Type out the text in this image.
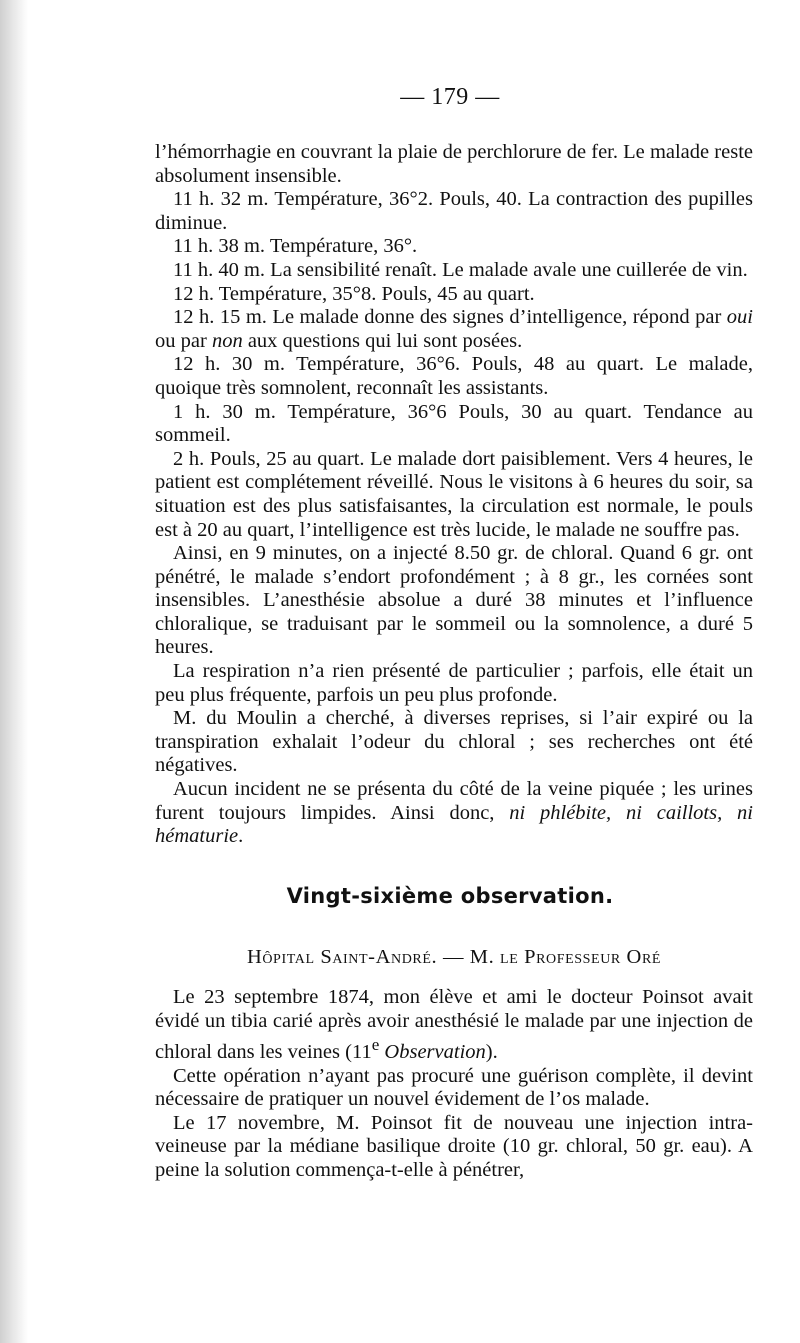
— 179 —

l’hémorrhagie en couvrant la plaie de perchlorure de fer. Le malade reste absolument insensible.

11 h. 32 m. Température, 36°2. Pouls, 40. La contraction des pupilles diminue.

11 h. 38 m. Température, 36°.

11 h. 40 m. La sensibilité renaît. Le malade avale une cuillerée de vin.

12 h. Température, 35°8. Pouls, 45 au quart.

12 h. 15 m. Le malade donne des signes d’intelligence, répond par oui ou par non aux questions qui lui sont posées.

12 h. 30 m. Température, 36°6. Pouls, 48 au quart. Le malade, quoique très somnolent, reconnaît les assistants.

1 h. 30 m. Température, 36°6 Pouls, 30 au quart. Tendance au sommeil.

2 h. Pouls, 25 au quart. Le malade dort paisiblement. Vers 4 heures, le patient est complétement réveillé. Nous le visitons à 6 heures du soir, sa situation est des plus satisfaisantes, la circulation est normale, le pouls est à 20 au quart, l’intelligence est très lucide, le malade ne souffre pas.

Ainsi, en 9 minutes, on a injecté 8.50 gr. de chloral. Quand 6 gr. ont pénétré, le malade s’endort profondément ; à 8 gr., les cornées sont insensibles. L’anesthésie absolue a duré 38 minutes et l’influence chloralique, se traduisant par le sommeil ou la somnolence, a duré 5 heures.

La respiration n’a rien présenté de particulier ; parfois, elle était un peu plus fréquente, parfois un peu plus profonde.

M. du Moulin a cherché, à diverses reprises, si l’air expiré ou la transpiration exhalait l’odeur du chloral ; ses recherches ont été négatives.

Aucun incident ne se présenta du côté de la veine piquée ; les urines furent toujours limpides. Ainsi donc, ni phlébite, ni caillots, ni hématurie.

Vingt-sixième observation.
Hôpital Saint-André. — M. le Professeur Oré

Le 23 septembre 1874, mon élève et ami le docteur Poinsot avait évidé un tibia carié après avoir anesthésié le malade par une injection de chloral dans les veines (11e Observation).

Cette opération n’ayant pas procuré une guérison complète, il devint nécessaire de pratiquer un nouvel évidement de l’os malade.

Le 17 novembre, M. Poinsot fit de nouveau une injection intra-veineuse par la médiane basilique droite (10 gr. chloral, 50 gr. eau). A peine la solution commença-t-elle à pénétrer,
